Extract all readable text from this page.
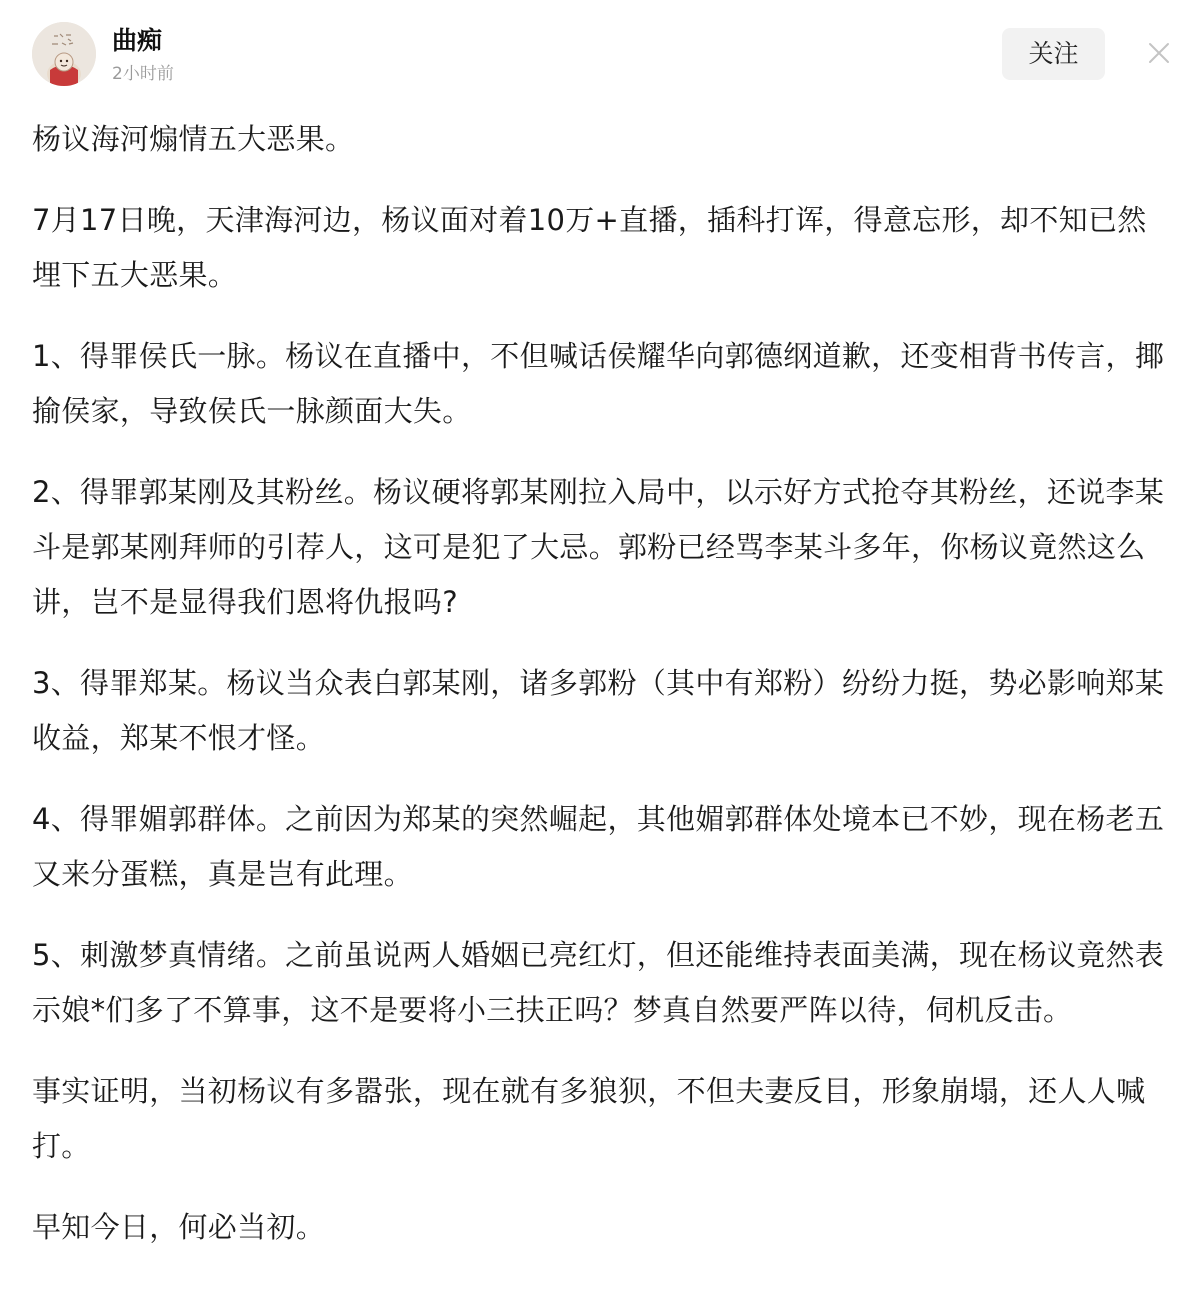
曲痴
2小时前
关注

杨议海河煽情五大恶果。

7月17日晚，天津海河边，杨议面对着10万+直播，插科打诨，得意忘形，却不知已然埋下五大恶果。

1、得罪侯氏一脉。杨议在直播中，不但喊话侯耀华向郭德纲道歉，还变相背书传言，揶揄侯家，导致侯氏一脉颜面大失。

2、得罪郭某刚及其粉丝。杨议硬将郭某刚拉入局中，以示好方式抢夺其粉丝，还说李某斗是郭某刚拜师的引荐人，这可是犯了大忌。郭粉已经骂李某斗多年，你杨议竟然这么讲，岂不是显得我们恩将仇报吗?

3、得罪郑某。杨议当众表白郭某刚，诸多郭粉（其中有郑粉）纷纷力挺，势必影响郑某收益，郑某不恨才怪。

4、得罪媚郭群体。之前因为郑某的突然崛起，其他媚郭群体处境本已不妙，现在杨老五又来分蛋糕，真是岂有此理。

5、刺激梦真情绪。之前虽说两人婚姻已亮红灯，但还能维持表面美满，现在杨议竟然表示娘*们多了不算事，这不是要将小三扶正吗？梦真自然要严阵以待，伺机反击。

事实证明，当初杨议有多嚣张，现在就有多狼狈，不但夫妻反目，形象崩塌，还人人喊打。

早知今日，何必当初。
